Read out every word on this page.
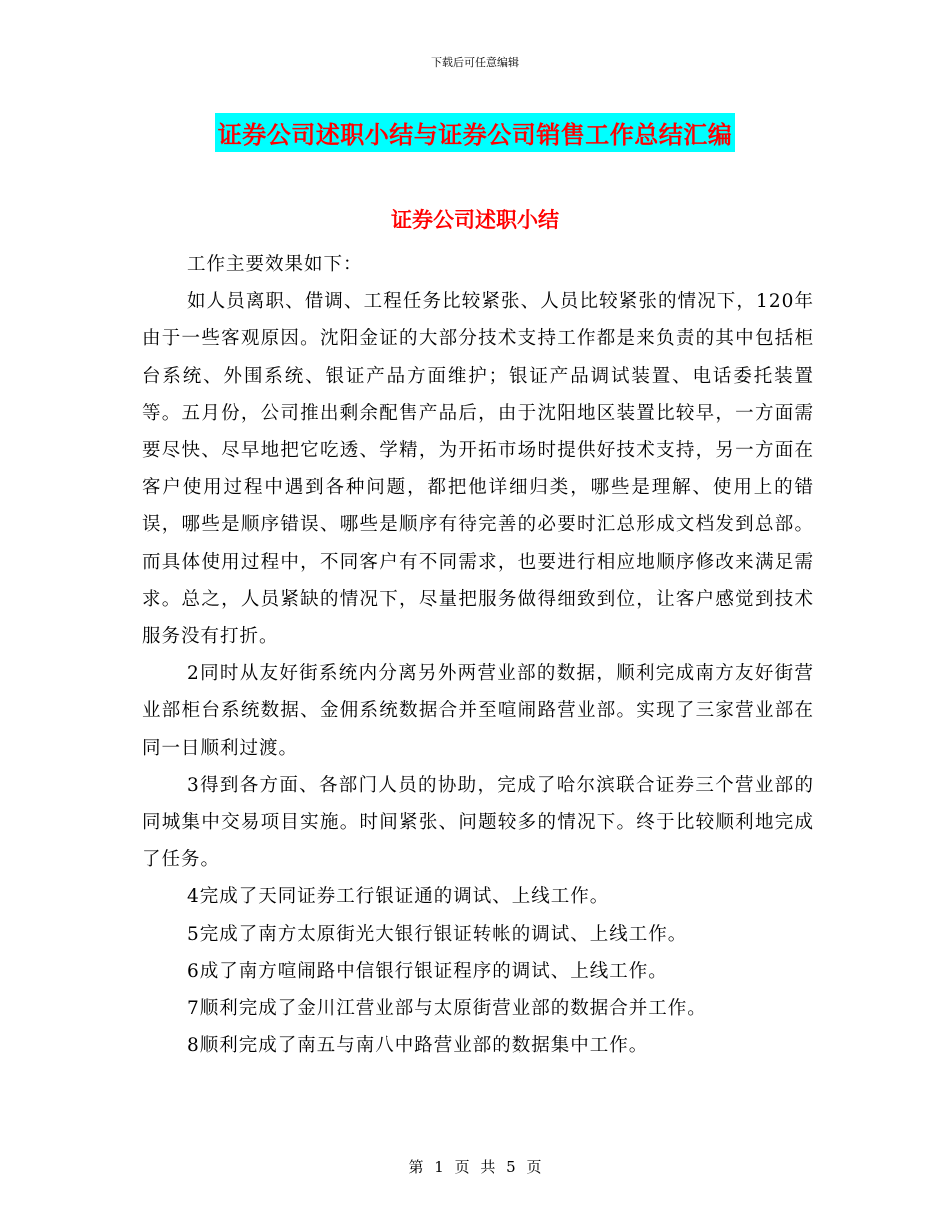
下载后可任意编辑
证券公司述职小结与证券公司销售工作总结汇编
证券公司述职小结

工作主要效果如下：

如人员离职、借调、工程任务比较紧张、人员比较紧张的情况下，120年由于一些客观原因。沈阳金证的大部分技术支持工作都是来负责的其中包括柜台系统、外围系统、银证产品方面维护；银证产品调试装置、电话委托装置等。五月份，公司推出剩余配售产品后，由于沈阳地区装置比较早，一方面需要尽快、尽早地把它吃透、学精，为开拓市场时提供好技术支持，另一方面在客户使用过程中遇到各种问题，都把他详细归类，哪些是理解、使用上的错误，哪些是顺序错误、哪些是顺序有待完善的必要时汇总形成文档发到总部。而具体使用过程中，不同客户有不同需求，也要进行相应地顺序修改来满足需求。总之，人员紧缺的情况下，尽量把服务做得细致到位，让客户感觉到技术服务没有打折。

2同时从友好街系统内分离另外两营业部的数据，顺利完成南方友好街营业部柜台系统数据、金佣系统数据合并至喧闹路营业部。实现了三家营业部在同一日顺利过渡。

3得到各方面、各部门人员的协助，完成了哈尔滨联合证券三个营业部的同城集中交易项目实施。时间紧张、问题较多的情况下。终于比较顺利地完成了任务。

4完成了天同证券工行银证通的调试、上线工作。

5完成了南方太原街光大银行银证转帐的调试、上线工作。

6成了南方喧闹路中信银行银证程序的调试、上线工作。

7顺利完成了金川江营业部与太原街营业部的数据合并工作。

8顺利完成了南五与南八中路营业部的数据集中工作。

第 1 页 共 5 页
